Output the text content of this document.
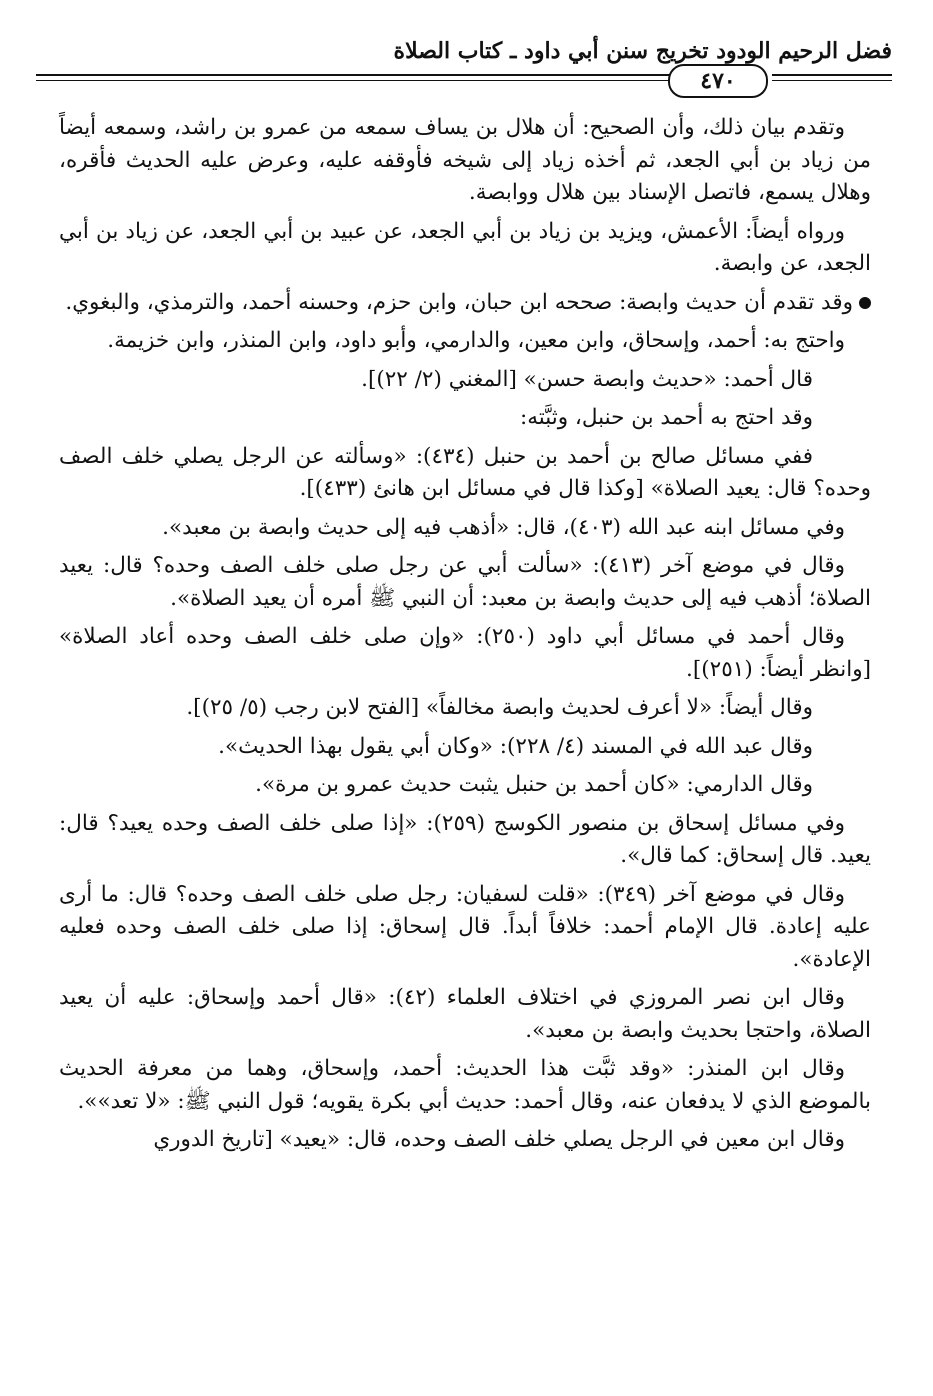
فضل الرحيم الودود تخريج سنن أبي داود ـ كتاب الصلاة
٤٧٠

وتقدم بيان ذلك، وأن الصحيح: أن هلال بن يساف سمعه من عمرو بن راشد، وسمعه أيضاً من زياد بن أبي الجعد، ثم أخذه زياد إلى شيخه فأوقفه عليه، وعرض عليه الحديث فأقره، وهلال يسمع، فاتصل الإسناد بين هلال ووابصة.

ورواه أيضاً: الأعمش، ويزيد بن زياد بن أبي الجعد، عن عبيد بن أبي الجعد، عن زياد بن أبي الجعد، عن وابصة.

وقد تقدم أن حديث وابصة: صححه ابن حبان، وابن حزم، وحسنه أحمد، والترمذي، والبغوي.

واحتج به: أحمد، وإسحاق، وابن معين، والدارمي، وأبو داود، وابن المنذر، وابن خزيمة.

قال أحمد: «حديث وابصة حسن» [المغني (٢/ ٢٢)].

وقد احتج به أحمد بن حنبل، وثبَّته:

ففي مسائل صالح بن أحمد بن حنبل (٤٣٤): «وسألته عن الرجل يصلي خلف الصف وحده؟ قال: يعيد الصلاة» [وكذا قال في مسائل ابن هانئ (٤٣٣)].

وفي مسائل ابنه عبد الله (٤٠٣)، قال: «أذهب فيه إلى حديث وابصة بن معبد».

وقال في موضع آخر (٤١٣): «سألت أبي عن رجل صلى خلف الصف وحده؟ قال: يعيد الصلاة؛ أذهب فيه إلى حديث وابصة بن معبد: أن النبي ﷺ أمره أن يعيد الصلاة».

وقال أحمد في مسائل أبي داود (٢٥٠): «وإن صلى خلف الصف وحده أعاد الصلاة» [وانظر أيضاً: (٢٥١)].

وقال أيضاً: «لا أعرف لحديث وابصة مخالفاً» [الفتح لابن رجب (٥/ ٢٥)].

وقال عبد الله في المسند (٤/ ٢٢٨): «وكان أبي يقول بهذا الحديث».

وقال الدارمي: «كان أحمد بن حنبل يثبت حديث عمرو بن مرة».

وفي مسائل إسحاق بن منصور الكوسج (٢٥٩): «إذا صلى خلف الصف وحده يعيد؟ قال: يعيد. قال إسحاق: كما قال».

وقال في موضع آخر (٣٤٩): «قلت لسفيان: رجل صلى خلف الصف وحده؟ قال: ما أرى عليه إعادة. قال الإمام أحمد: خلافاً أبداً. قال إسحاق: إذا صلى خلف الصف وحده فعليه الإعادة».

وقال ابن نصر المروزي في اختلاف العلماء (٤٢): «قال أحمد وإسحاق: عليه أن يعيد الصلاة، واحتجا بحديث وابصة بن معبد».

وقال ابن المنذر: «وقد ثبَّت هذا الحديث: أحمد، وإسحاق، وهما من معرفة الحديث بالموضع الذي لا يدفعان عنه، وقال أحمد: حديث أبي بكرة يقويه؛ قول النبي ﷺ: «لا تعد»».

وقال ابن معين في الرجل يصلي خلف الصف وحده، قال: «يعيد» [تاريخ الدوري
